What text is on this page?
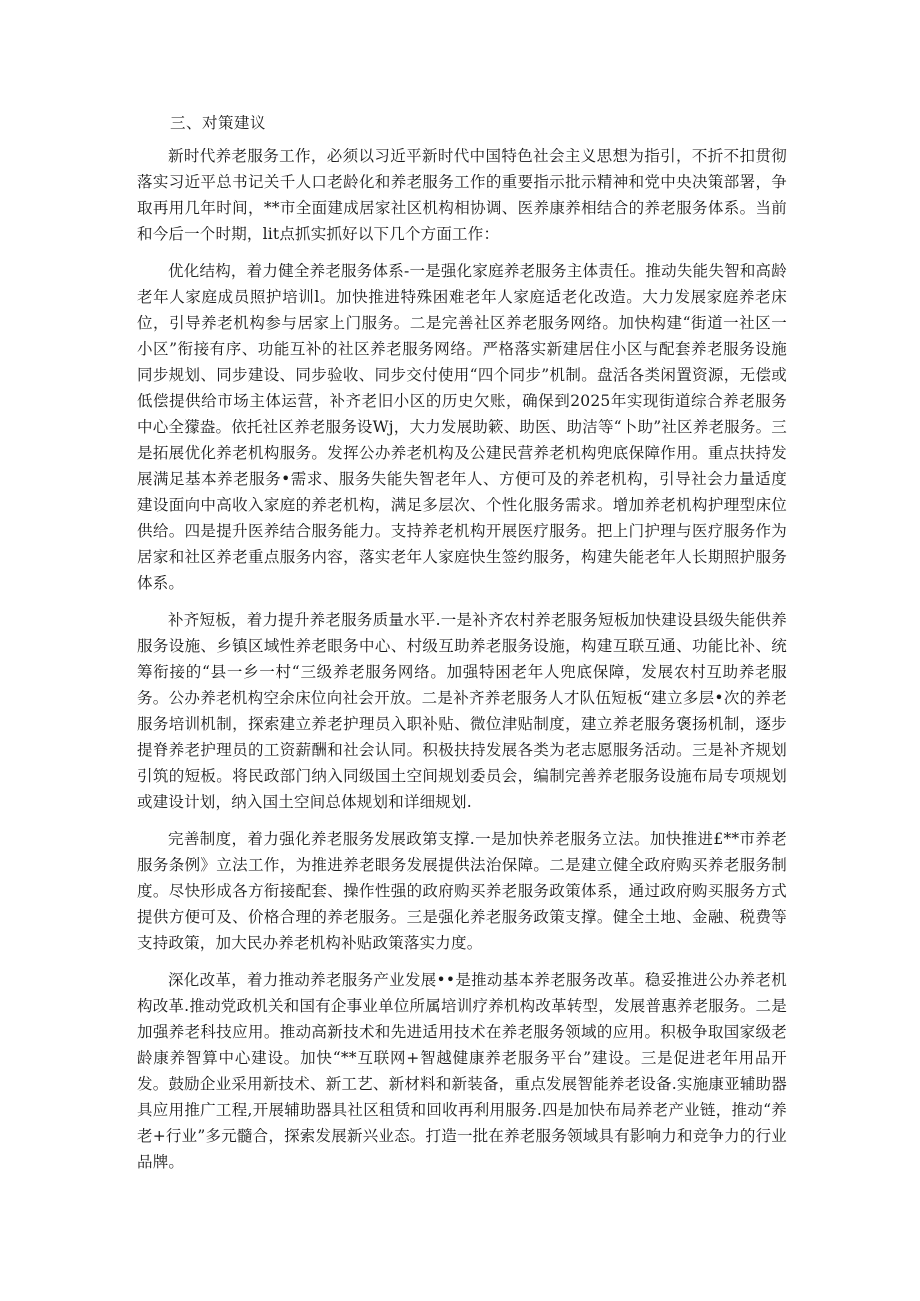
三、对策建议

新时代养老服务工作，必须以习近平新时代中国特色社会主义思想为指引，不折不扣贯彻落实习近平总书记关千人口老龄化和养老服务工作的重要指示批示精神和党中央决策部署，争取再用几年时间，**市全面建成居家社区机构相协调、医养康养相结合的养老服务体系。当前和今后一个时期，lit点抓实抓好以下几个方面工作：

优化结构，着力健全养老服务体系-一是强化家庭养老服务主体责任。推动失能失智和高龄老年人家庭成员照护培训l。加快推进特殊困难老年人家庭适老化改造。大力发展家庭养老床位，引导养老机构参与居家上门服务。二是完善社区养老服务网络。加快构建“街道一社区一小区”衔接有序、功能互补的社区养老服务网络。严格落实新建居住小区与配套养老服务设施同步规划、同步建设、同步验收、同步交付使用“四个同步”机制。盘活各类闲置资源，无偿或低偿提供给市场主体运营，补齐老旧小区的历史欠账，确保到2025年实现街道综合养老服务中心全獴盎。依托社区养老服务设Wj，大力发展助簌、助医、助洁等“卜助”社区养老服务。三是拓展优化养老机构服务。发挥公办养老机构及公建民营养老机构兜底保障作用。重点扶持发展满足基本养老服务•需求、服务失能失智老年人、方便可及的养老机构，引导社会力量适度建设面向中高收入家庭的养老机构，满足多层次、个性化服务需求。增加养老机构护理型床位供给。四是提升医养结合服务能力。支持养老机构开展医疗服务。把上门护理与医疗服务作为居家和社区养老重点服务内容，落实老年人家庭快生签约服务，构建失能老年人长期照护服务体系。

补齐短板，着力提升养老服务质量水平.一是补齐农村养老服务短板加快建设县级失能供养服务设施、乡镇区域性养老眼务中心、村级互助养老服务设施，构建互联互通、功能比补、统筹衔接的“县一乡一村“三级养老服务网络。加强特困老年人兜底保障，发展农村互助养老服务。公办养老机构空余床位向社会开放。二是补齐养老服务人才队伍短板“建立多层•次的养老服务培训机制，探索建立养老护理员入职补贴、微位津贴制度，建立养老服务褒扬机制，逐步提脊养老护理员的工资薪酬和社会认同。积极扶持发展各类为老志愿服务活动。三是补齐规划引筑的短板。将民政部门纳入同级国土空间规划委员会，编制完善养老服务设施布局专项规划或建设计划，纳入国土空间总体规划和详细规划.

完善制度，着力强化养老服务发展政第支撑.一是加快养老服务立法。加快推进£**市养老服务条例》立法工作，为推进养老眼务发展提供法治保障。二是建立健全政府购买养老服务制度。尽快形成各方衔接配套、操作性强的政府购买养老服务政策体系，通过政府购买服务方式提供方便可及、价格合理的养老服务。三是强化养老服务政策支撑。健全土地、金融、税费等支持政策，加大民办养老机构补贴政策落实力度。

深化改革，着力推动养老服务产业发展••是推动基本养老服务改革。稳妥推进公办养老机构改革.推动党政机关和国有企事业单位所属培训疗养机构改革转型，发展普惠养老服务。二是加强养老科技应用。推动高新技术和先进适用技术在养老服务领域的应用。积极争取国家级老龄康养智算中心建设。加快“**互联网+智越健康养老服务平台”建设。三是促进老年用品开发。鼓励企业采用新技术、新工艺、新材料和新装备，重点发展智能养老设备.实施康亚辅助器具应用推广工程,开展辅助器具社区租赁和回收再利用服务.四是加快布局养老产业链，推动“养老+行业”多元髓合，探索发展新兴业态。打造一批在养老服务领域具有影响力和竞争力的行业品牌。
